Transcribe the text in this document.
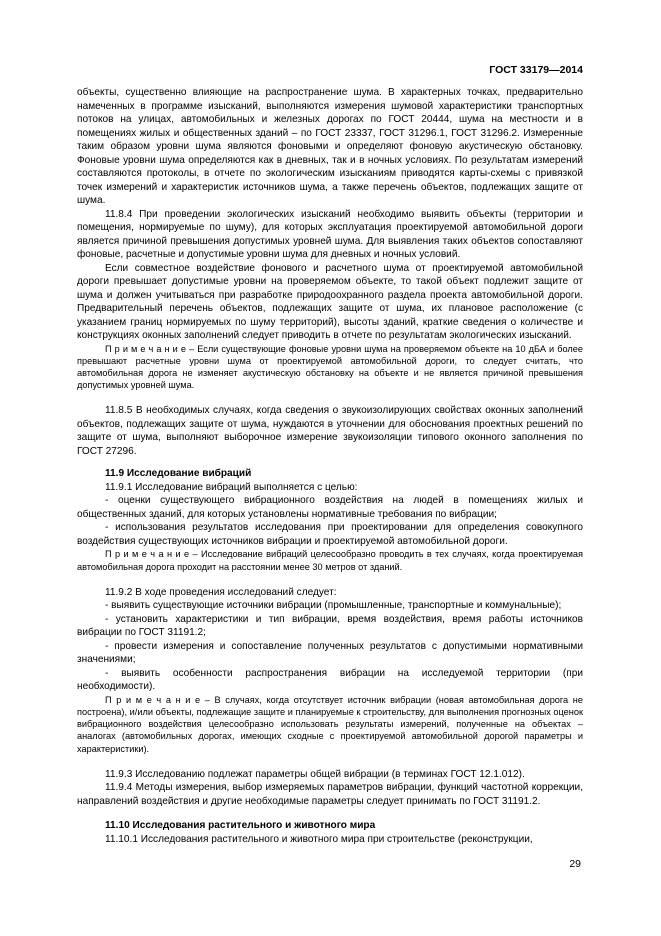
ГОСТ 33179—2014

объекты, существенно влияющие на распространение шума. В характерных точках, предварительно намеченных в программе изысканий, выполняются измерения шумовой характеристики транспортных потоков на улицах, автомобильных и железных дорогах по ГОСТ 20444, шума на местности и в помещениях жилых и общественных зданий – по ГОСТ 23337, ГОСТ 31296.1, ГОСТ 31296.2. Измеренные таким образом уровни шума являются фоновыми и определяют фоновую акустическую обстановку. Фоновые уровни шума определяются как в дневных, так и в ночных условиях. По результатам измерений составляются протоколы, в отчете по экологическим изысканиям приводятся карты-схемы с привязкой точек измерений и характеристик источников шума, а также перечень объектов, подлежащих защите от шума.

11.8.4 При проведении экологических изысканий необходимо выявить объекты (территории и помещения, нормируемые по шуму), для которых эксплуатация проектируемой автомобильной дороги является причиной превышения допустимых уровней шума. Для выявления таких объектов сопоставляют фоновые, расчетные и допустимые уровни шума для дневных и ночных условий.

Если совместное воздействие фонового и расчетного шума от проектируемой автомобильной дороги превышает допустимые уровни на проверяемом объекте, то такой объект подлежит защите от шума и должен учитываться при разработке природоохранного раздела проекта автомобильной дороги. Предварительный перечень объектов, подлежащих защите от шума, их плановое расположение (с указанием границ нормируемых по шуму территорий), высоты зданий, краткие сведения о количестве и конструкциях оконных заполнений следует приводить в отчете по результатам экологических изысканий.

П р и м е ч а н и е – Если существующие фоновые уровни шума на проверяемом объекте на 10 дБА и более превышают расчетные уровни шума от проектируемой автомобильной дороги, то следует считать, что автомобильная дорога не изменяет акустическую обстановку на объекте и не является причиной превышения допустимых уровней шума.

11.8.5 В необходимых случаях, когда сведения о звукоизолирующих свойствах оконных заполнений объектов, подлежащих защите от шума, нуждаются в уточнении для обоснования проектных решений по защите от шума, выполняют выборочное измерение звукоизоляции типового оконного заполнения по ГОСТ 27296.

11.9 Исследование вибраций

11.9.1 Исследование вибраций выполняется с целью:

- оценки существующего вибрационного воздействия на людей в помещениях жилых и общественных зданий, для которых установлены нормативные требования по вибрации;

- использования результатов исследования при проектировании для определения совокупного воздействия существующих источников вибрации и проектируемой автомобильной дороги.

П р и м е ч а н и е – Исследование вибраций целесообразно проводить в тех случаях, когда проектируемая автомобильная дорога проходит на расстоянии менее 30 метров от зданий.

11.9.2 В ходе проведения исследований следует:

- выявить существующие источники вибрации (промышленные, транспортные и коммунальные);

- установить характеристики и тип вибрации, время воздействия, время работы источников вибрации по ГОСТ 31191.2;

- провести измерения и сопоставление полученных результатов с допустимыми нормативными значениями;

- выявить особенности распространения вибрации на исследуемой территории (при необходимости).

П р и м е ч а н и е – В случаях, когда отсутствует источник вибрации (новая автомобильная дорога не построена), и/или объекты, подлежащие защите и планируемые к строительству, для выполнения прогнозных оценок вибрационного воздействия целесообразно использовать результаты измерений, полученные на объектах – аналогах (автомобильных дорогах, имеющих сходные с проектируемой автомобильной дорогой параметры и характеристики).

11.9.3 Исследованию подлежат параметры общей вибрации (в терминах ГОСТ 12.1.012).

11.9.4 Методы измерения, выбор измеряемых параметров вибрации, функций частотной коррекции, направлений воздействия и другие необходимые параметры следует принимать по ГОСТ 31191.2.

11.10 Исследования растительного и животного мира

11.10.1 Исследования растительного и животного мира при строительстве (реконструкции,

29
